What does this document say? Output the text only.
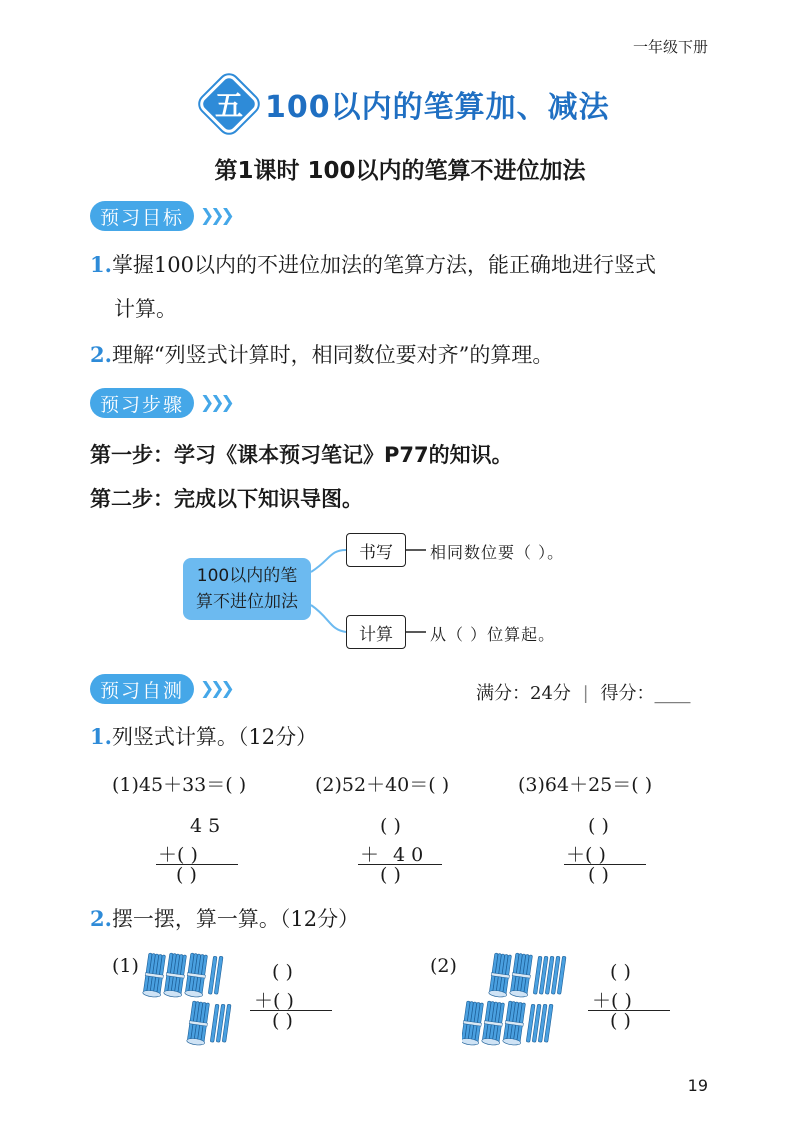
一年级下册
五 100以内的笔算加、减法
第1课时 100以内的笔算不进位加法
预习目标 ❯❯❯
1.掌握100以内的不进位加法的笔算方法，能正确地进行竖式
计算。
2.理解“列竖式计算时，相同数位要对齐”的算理。
预习步骤 ❯❯❯
第一步：学习《课本预习笔记》P77的知识。
第二步：完成以下知识导图。
100以内的笔
算不进位加法
书写	相同数位要（ ）。
计算	从（ ）位算起。
预习自测 ❯❯❯	满分：24分 | 得分：____
1.列竖式计算。（12分）
(1)45＋33＝( )	(2)52＋40＝( )	(3)64＋25＝( )
4 5
＋( )
( )
( )
＋ 4 0
( )
( )
＋( )
( )
2.摆一摆，算一算。（12分）
(1)	( )
＋( )
( )
(2)	( )
＋( )
( )
19
